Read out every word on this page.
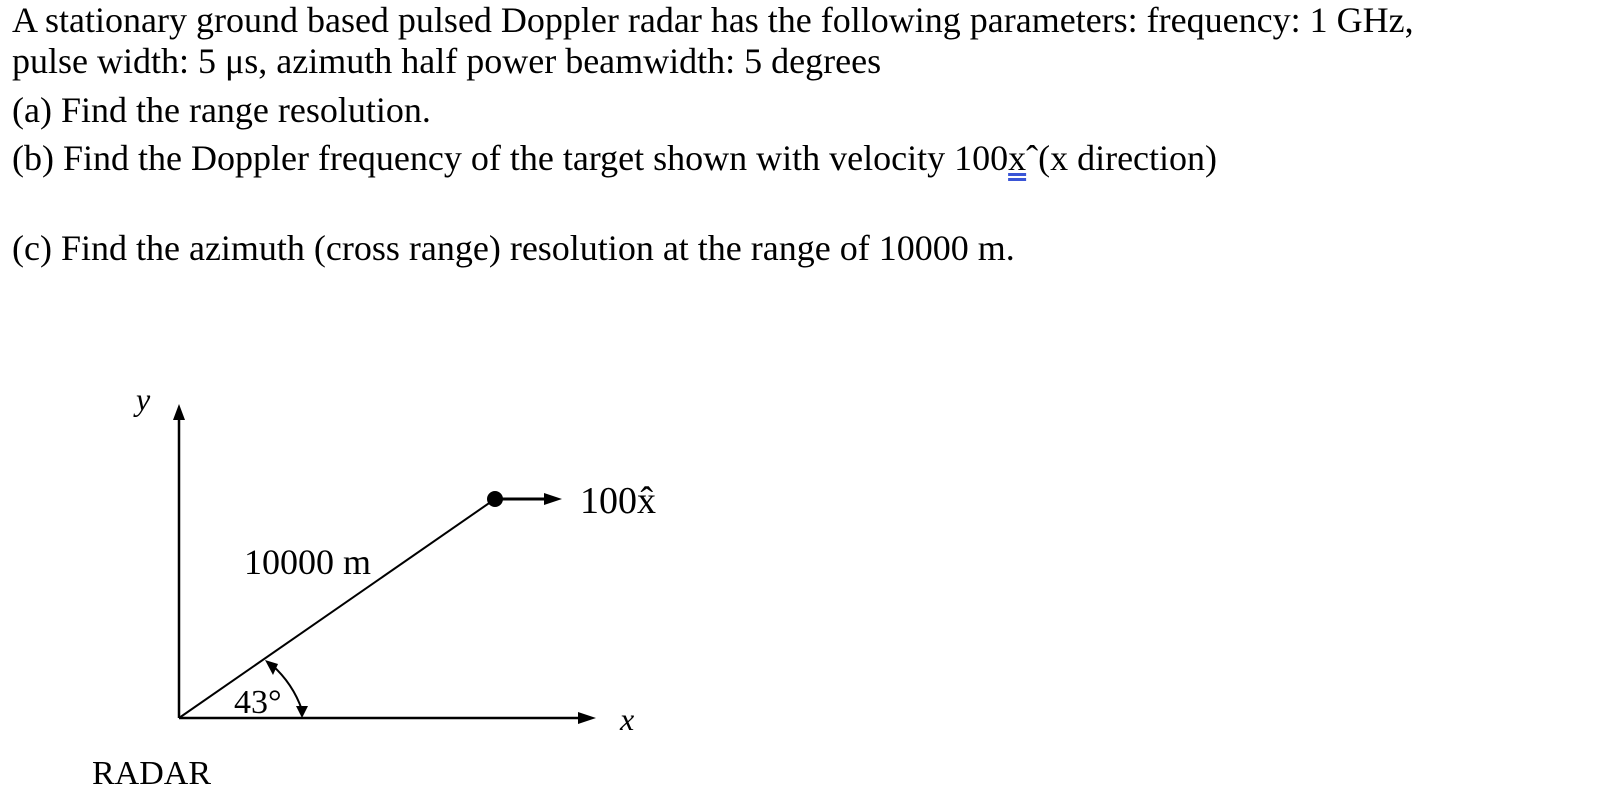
A stationary ground based pulsed Doppler radar has the following parameters: frequency: 1 GHz,
pulse width: 5 μs, azimuth half power beamwidth: 5 degrees
(a) Find the range resolution.
(b) Find the Doppler frequency of the target shown with velocity 100xˆ(x direction)
(c) Find the azimuth (cross range) resolution at the range of 10000 m.
y
x
10000 m
100x̂
43°
RADAR
